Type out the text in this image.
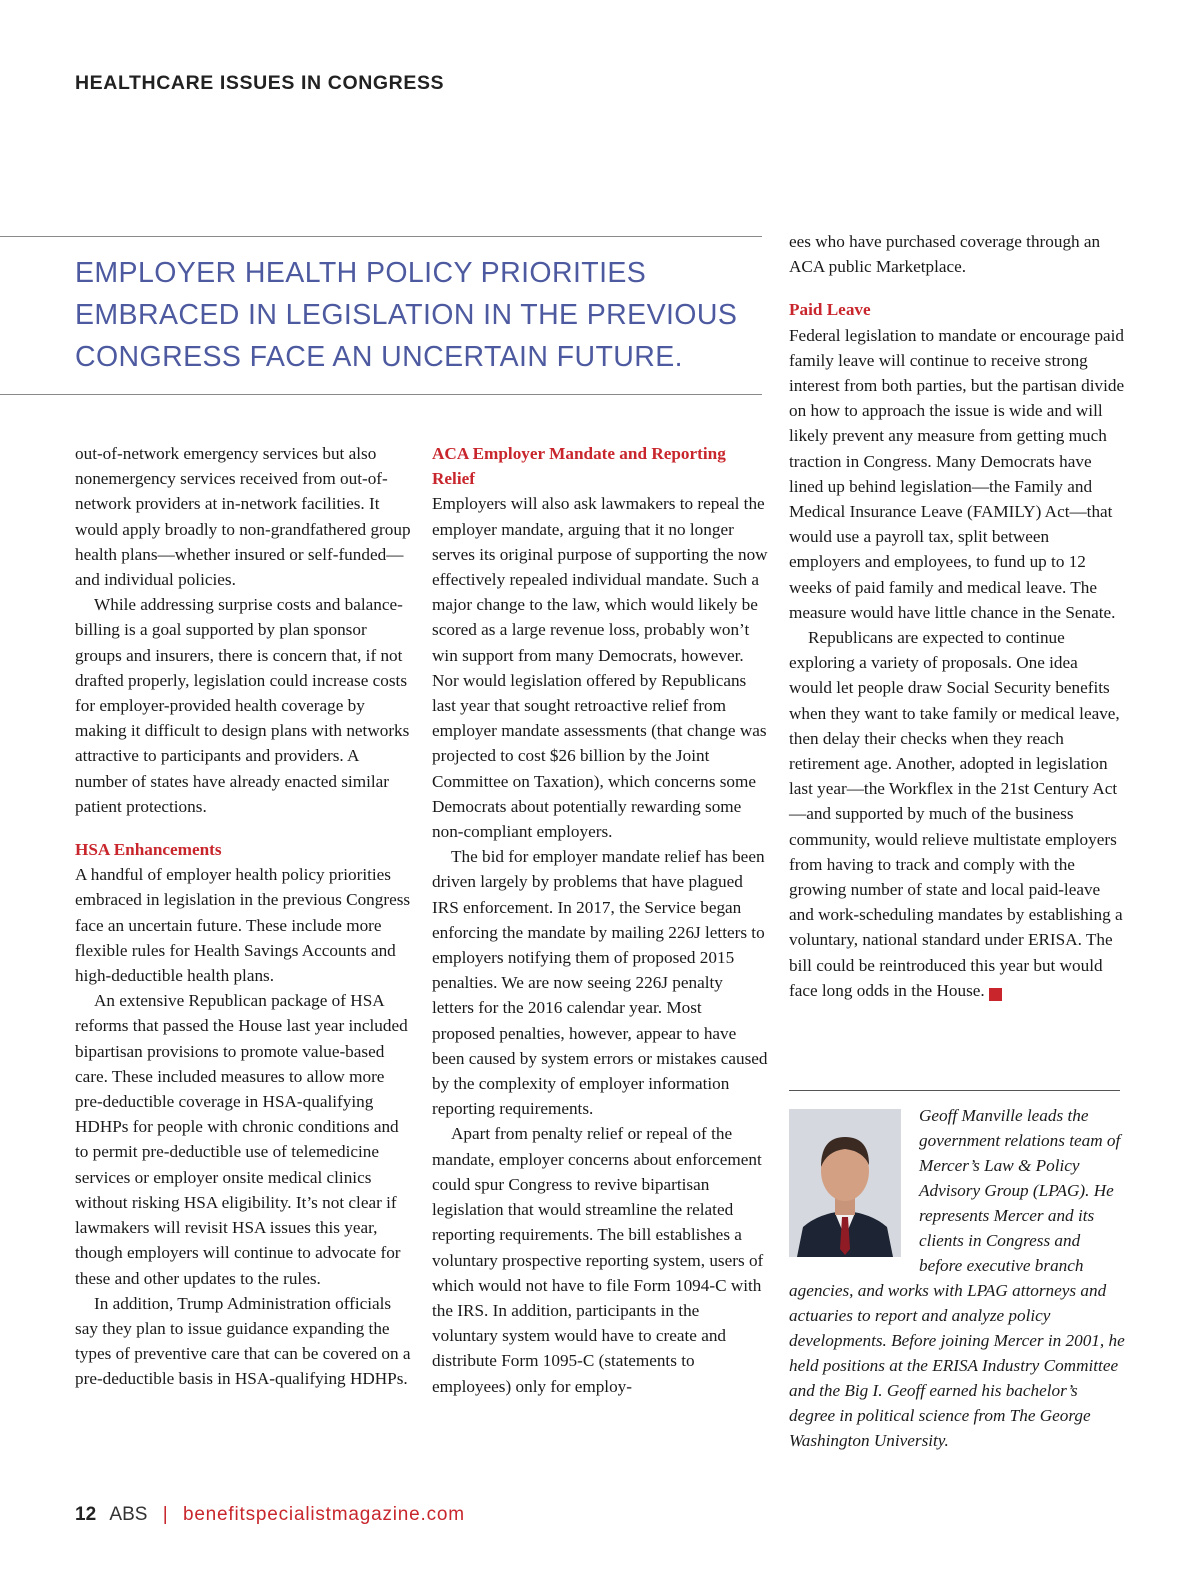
HEALTHCARE ISSUES IN CONGRESS

EMPLOYER HEALTH POLICY PRIORITIES EMBRACED IN LEGISLATION IN THE PREVIOUS CONGRESS FACE AN UNCERTAIN FUTURE.

out-of-network emergency services but also nonemergency services received from out-of-network providers at in-network facilities. It would apply broadly to non-grandfathered group health plans—whether insured or self-funded—and individual policies.

While addressing surprise costs and balance-billing is a goal supported by plan sponsor groups and insurers, there is concern that, if not drafted properly, legislation could increase costs for employer-provided health coverage by making it difficult to design plans with networks attractive to participants and providers. A number of states have already enacted similar patient protections.

HSA Enhancements

A handful of employer health policy priorities embraced in legislation in the previous Congress face an uncertain future. These include more flexible rules for Health Savings Accounts and high-deductible health plans.

An extensive Republican package of HSA reforms that passed the House last year included bipartisan provisions to promote value-based care. These included measures to allow more pre-deductible coverage in HSA-qualifying HDHPs for people with chronic conditions and to permit pre-deductible use of telemedicine services or employer onsite medical clinics without risking HSA eligibility. It’s not clear if lawmakers will revisit HSA issues this year, though employers will continue to advocate for these and other updates to the rules.

In addition, Trump Administration officials say they plan to issue guidance expanding the types of preventive care that can be covered on a pre-deductible basis in HSA-qualifying HDHPs.

ACA Employer Mandate and Reporting Relief

Employers will also ask lawmakers to repeal the employer mandate, arguing that it no longer serves its original purpose of supporting the now effectively repealed individual mandate. Such a major change to the law, which would likely be scored as a large revenue loss, probably won’t win support from many Democrats, however. Nor would legislation offered by Republicans last year that sought retroactive relief from employer mandate assessments (that change was projected to cost $26 billion by the Joint Committee on Taxation), which concerns some Democrats about potentially rewarding some non-compliant employers.

The bid for employer mandate relief has been driven largely by problems that have plagued IRS enforcement. In 2017, the Service began enforcing the mandate by mailing 226J letters to employers notifying them of proposed 2015 penalties. We are now seeing 226J penalty letters for the 2016 calendar year. Most proposed penalties, however, appear to have been caused by system errors or mistakes caused by the complexity of employer information reporting requirements.

Apart from penalty relief or repeal of the mandate, employer concerns about enforcement could spur Congress to revive bipartisan legislation that would streamline the related reporting requirements. The bill establishes a voluntary prospective reporting system, users of which would not have to file Form 1094-C with the IRS. In addition, participants in the voluntary system would have to create and distribute Form 1095-C (statements to employees) only for employ-

ees who have purchased coverage through an ACA public Marketplace.

Paid Leave

Federal legislation to mandate or encourage paid family leave will continue to receive strong interest from both parties, but the partisan divide on how to approach the issue is wide and will likely prevent any measure from getting much traction in Congress. Many Democrats have lined up behind legislation—the Family and Medical Insurance Leave (FAMILY) Act—that would use a payroll tax, split between employers and employees, to fund up to 12 weeks of paid family and medical leave. The measure would have little chance in the Senate.

Republicans are expected to continue exploring a variety of proposals. One idea would let people draw Social Security benefits when they want to take family or medical leave, then delay their checks when they reach retirement age. Another, adopted in legislation last year—the Workflex in the 21st Century Act—and supported by much of the business community, would relieve multistate employers from having to track and comply with the growing number of state and local paid-leave and work-scheduling mandates by establishing a voluntary, national standard under ERISA. The bill could be reintroduced this year but would face long odds in the House.	▦

Geoff Manville leads the government relations team of Mercer’s Law & Policy Advisory Group (LPAG). He represents Mercer and its clients in Congress and before executive branch agencies, and works with LPAG attorneys and actuaries to report and analyze policy developments. Before joining Mercer in 2001, he held positions at the ERISA Industry Committee and the Big I. Geoff earned his bachelor’s degree in political science from The George Washington University.

12 ABS | benefitspecialistmagazine.com
